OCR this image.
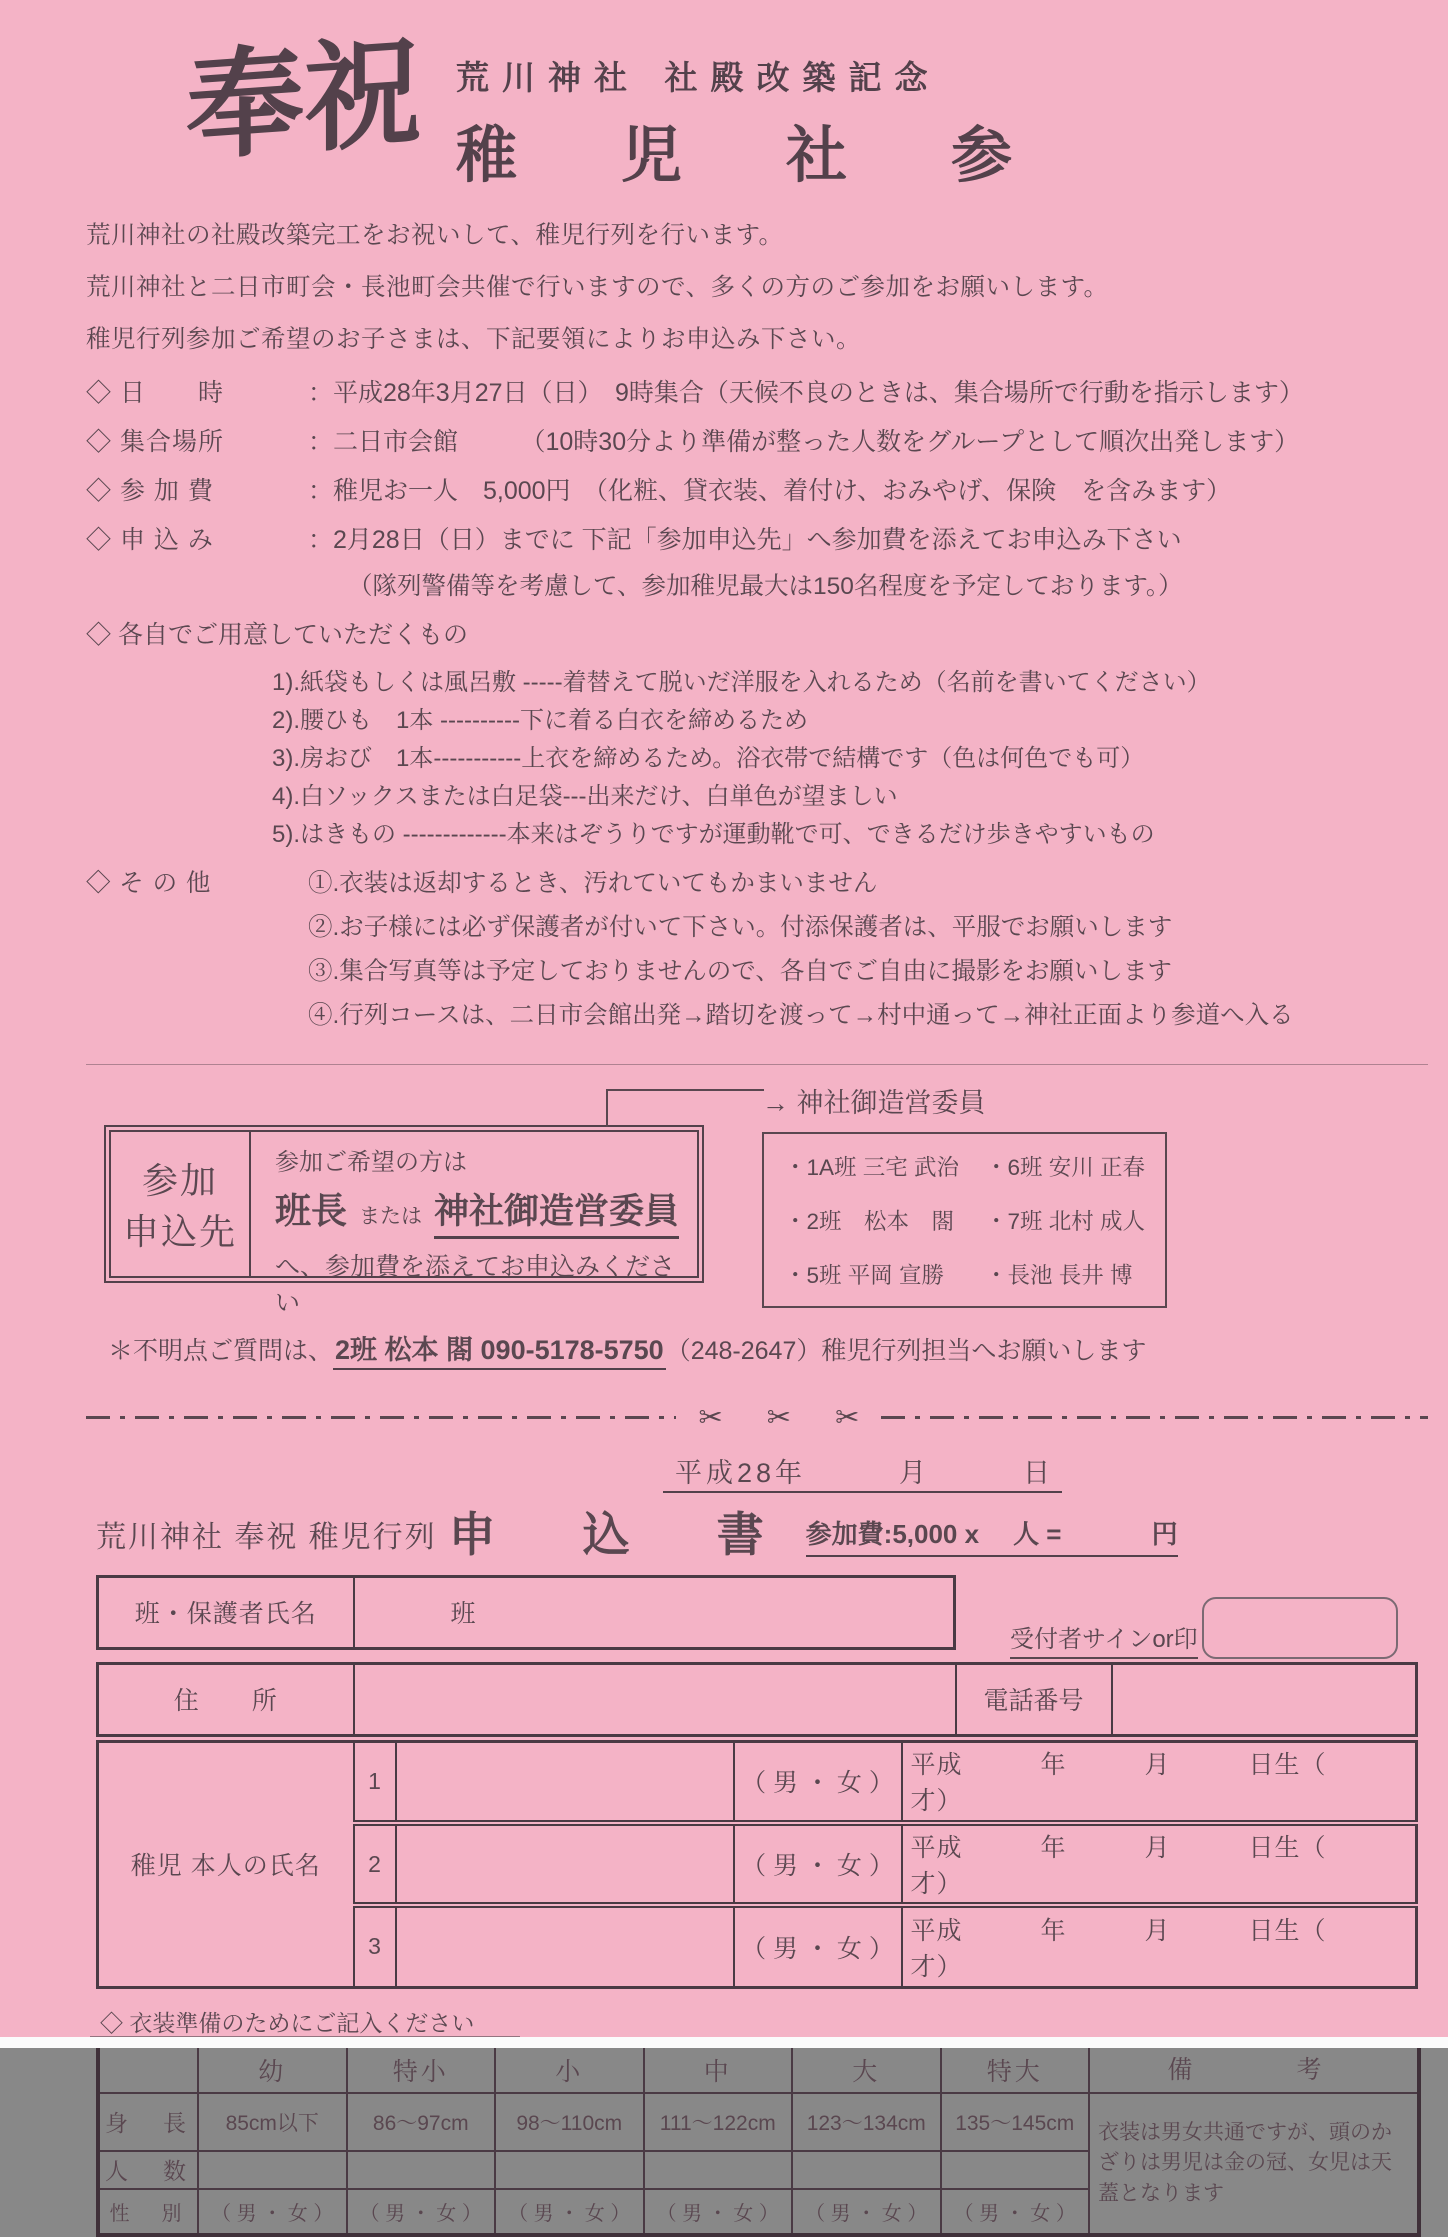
奉祝 荒川神社 社殿改築記念
稚児社参

荒川神社の社殿改築完工をお祝いして、稚児行列を行います。

荒川神社と二日市町会・長池町会共催で行いますので、多くの方のご参加をお願いします。

稚児行列参加ご希望のお子さまは、下記要領によりお申込み下さい。

◇ 日　　時	：平成28年3月27日（日）　9時集合（天候不良のときは、集合場所で行動を指示します）
◇ 集合場所	：二日市会館　　　（10時30分より準備が整った人数をグループとして順次出発します）
◇ 参 加 費	：稚児お一人　5,000円　（化粧、貸衣装、着付け、おみやげ、保険　を含みます）
◇ 申 込 み	：2月28日（日）までに 下記「参加申込先」へ参加費を添えてお申込み下さい
（隊列警備等を考慮して、参加稚児最大は150名程度を予定しております。）
◇ 各自でご用意していただくもの
1).紙袋もしくは風呂敷 -----着替えて脱いだ洋服を入れるため（名前を書いてください）
2).腰ひも　1本 ----------下に着る白衣を締めるため
3).房おび　1本-----------上衣を締めるため。浴衣帯で結構です（色は何色でも可）
4).白ソックスまたは白足袋---出来だけ、白単色が望ましい
5).はきもの -------------本来はぞうりですが運動靴で可、できるだけ歩きやすいもの
◇ そ の 他	①.衣装は返却するとき、汚れていてもかまいません
②.お子様には必ず保護者が付いて下さい。付添保護者は、平服でお願いします
③.集合写真等は予定しておりませんので、各自でご自由に撮影をお願いします
④.行列コースは、二日市会館出発→踏切を渡って→村中通って→神社正面より参道へ入る
参加
申込先
参加ご希望の方は
班長 または 神社御造営委員
へ、参加費を添えてお申込みください
→ 神社御造営委員
・1A班 三宅 武治 ・6班 安川 正春
・2班　松本　閤 ・7班 北村 成人
・5班 平岡 宣勝	・長池 長井 博
＊不明点ご質問は、 2班 松本 閤 090-5178-5750 （248-2647）稚児行列担当へお願いします
✂ ✂ ✂
平成28年　　　月　　　日
荒川神社 奉祝 稚児行列 申　込　書 参加費:5,000 x 人 =	円
班・保護者氏名	班
受付者サインor印
住　　所		電話番号	
稚児 本人の氏名	1		（ 男 ・ 女 ）	平成　　　年　　　月　　　日生（　　　才）
	2		（ 男 ・ 女 ）	平成　　　年　　　月　　　日生（　　　才）
	3		（ 男 ・ 女 ）	平成　　　年　　　月　　　日生（　　　才）
◇ 衣装準備のためにご記入ください
	幼	特小	小	中	大	特大	備　　考
身　長	85cm以下	86〜97cm	98〜110cm	111〜122cm	123〜134cm	135〜145cm	衣装は男女共通ですが、頭のかざりは男児は金の冠、女児は天蓋となります
人　数							
性　別	（ 男 ・ 女 ）	（ 男 ・ 女 ）	（ 男 ・ 女 ）	（ 男 ・ 女 ）	（ 男 ・ 女 ）	（ 男 ・ 女 ）	
